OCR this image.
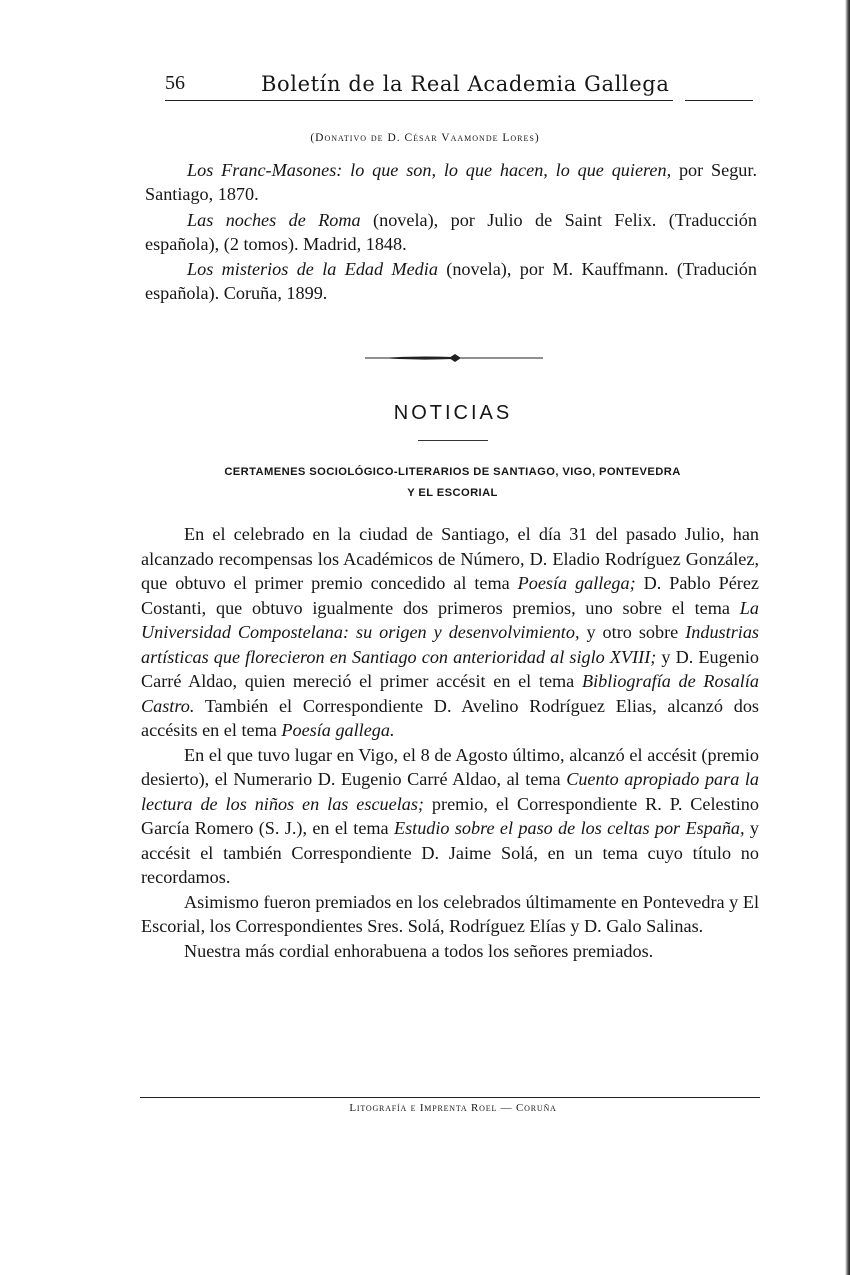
56	Boletín de la Real Academia Gallega
(Donativo de D. César Vaamonde Lores)

Los Franc-Masones: lo que son, lo que hacen, lo que quieren, por Segur. Santiago, 1870.

Las noches de Roma (novela), por Julio de Saint Felix. (Traducción española), (2 tomos). Madrid, 1848.

Los misterios de la Edad Media (novela), por M. Kauffmann. (Tradución española). Coruña, 1899.

NOTICIAS
CERTAMENES SOCIOLÓGICO-LITERARIOS DE SANTIAGO, VIGO, PONTEVEDRA
Y EL ESCORIAL

En el celebrado en la ciudad de Santiago, el día 31 del pasado Julio, han alcanzado recompensas los Académicos de Número, D. Eladio Rodríguez González, que obtuvo el primer premio concedido al tema Poesía gallega; D. Pablo Pérez Costanti, que obtuvo igualmente dos primeros premios, uno sobre el tema La Universidad Compostelana: su origen y desenvolvimiento, y otro sobre Industrias artísticas que florecieron en Santiago con anterioridad al siglo XVIII; y D. Eugenio Carré Aldao, quien mereció el primer accésit en el tema Bibliografía de Rosalía Castro. También el Correspondiente D. Avelino Rodríguez Elias, alcanzó dos accésits en el tema Poesía gallega.

En el que tuvo lugar en Vigo, el 8 de Agosto último, alcanzó el accésit (premio desierto), el Numerario D. Eugenio Carré Aldao, al tema Cuento apropiado para la lectura de los niños en las escuelas; premio, el Correspondiente R. P. Celestino García Romero (S. J.), en el tema Estudio sobre el paso de los celtas por España, y accésit el también Correspondiente D. Jaime Solá, en un tema cuyo título no recordamos.

Asimismo fueron premiados en los celebrados últimamente en Pontevedra y El Escorial, los Correspondientes Sres. Solá, Rodríguez Elías y D. Galo Salinas.

Nuestra más cordial enhorabuena a todos los señores premiados.

Litografía e Imprenta Roel — Coruña
